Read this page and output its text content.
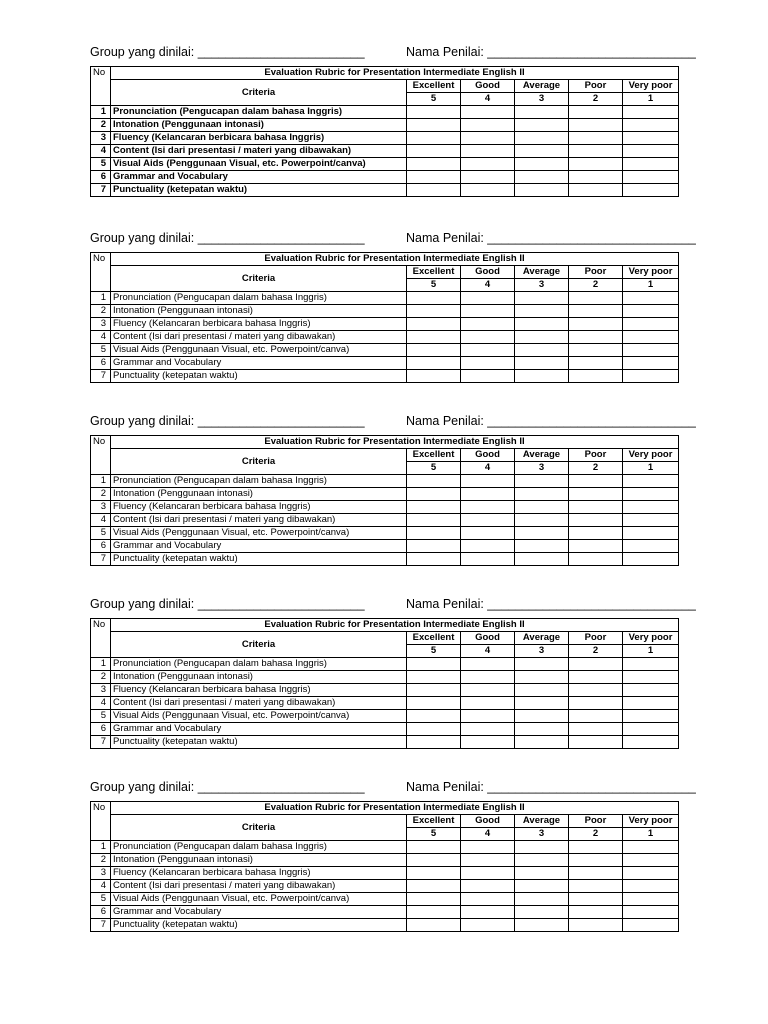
Group yang dinilai: ________________________	Nama Penilai: ______________________________
No	Evaluation Rubric for Presentation Intermediate English II					
	Criteria	Excellent	Good	Average	Poor	Very poor
		5	4	3	2	1
1	Pronunciation (Pengucapan dalam bahasa Inggris)					
2	Intonation (Penggunaan intonasi)					
3	Fluency (Kelancaran berbicara bahasa Inggris)					
4	Content (Isi dari presentasi / materi yang dibawakan)					
5	Visual Aids (Penggunaan Visual, etc. Powerpoint/canva)					
6	Grammar and Vocabulary					
7	Punctuality (ketepatan waktu)					
Group yang dinilai: ________________________	Nama Penilai: ______________________________
No	Evaluation Rubric for Presentation Intermediate English II					
	Criteria	Excellent	Good	Average	Poor	Very poor
		5	4	3	2	1
1	Pronunciation (Pengucapan dalam bahasa Inggris)					
2	Intonation (Penggunaan intonasi)					
3	Fluency (Kelancaran berbicara bahasa Inggris)					
4	Content (Isi dari presentasi / materi yang dibawakan)					
5	Visual Aids (Penggunaan Visual, etc. Powerpoint/canva)					
6	Grammar and Vocabulary					
7	Punctuality (ketepatan waktu)					
Group yang dinilai: ________________________	Nama Penilai: ______________________________
No	Evaluation Rubric for Presentation Intermediate English II					
	Criteria	Excellent	Good	Average	Poor	Very poor
		5	4	3	2	1
1	Pronunciation (Pengucapan dalam bahasa Inggris)					
2	Intonation (Penggunaan intonasi)					
3	Fluency (Kelancaran berbicara bahasa Inggris)					
4	Content (Isi dari presentasi / materi yang dibawakan)					
5	Visual Aids (Penggunaan Visual, etc. Powerpoint/canva)					
6	Grammar and Vocabulary					
7	Punctuality (ketepatan waktu)					
Group yang dinilai: ________________________	Nama Penilai: ______________________________
No	Evaluation Rubric for Presentation Intermediate English II					
	Criteria	Excellent	Good	Average	Poor	Very poor
		5	4	3	2	1
1	Pronunciation (Pengucapan dalam bahasa Inggris)					
2	Intonation (Penggunaan intonasi)					
3	Fluency (Kelancaran berbicara bahasa Inggris)					
4	Content (Isi dari presentasi / materi yang dibawakan)					
5	Visual Aids (Penggunaan Visual, etc. Powerpoint/canva)					
6	Grammar and Vocabulary					
7	Punctuality (ketepatan waktu)					
Group yang dinilai: ________________________	Nama Penilai: ______________________________
No	Evaluation Rubric for Presentation Intermediate English II					
	Criteria	Excellent	Good	Average	Poor	Very poor
		5	4	3	2	1
1	Pronunciation (Pengucapan dalam bahasa Inggris)					
2	Intonation (Penggunaan intonasi)					
3	Fluency (Kelancaran berbicara bahasa Inggris)					
4	Content (Isi dari presentasi / materi yang dibawakan)					
5	Visual Aids (Penggunaan Visual, etc. Powerpoint/canva)					
6	Grammar and Vocabulary					
7	Punctuality (ketepatan waktu)					
